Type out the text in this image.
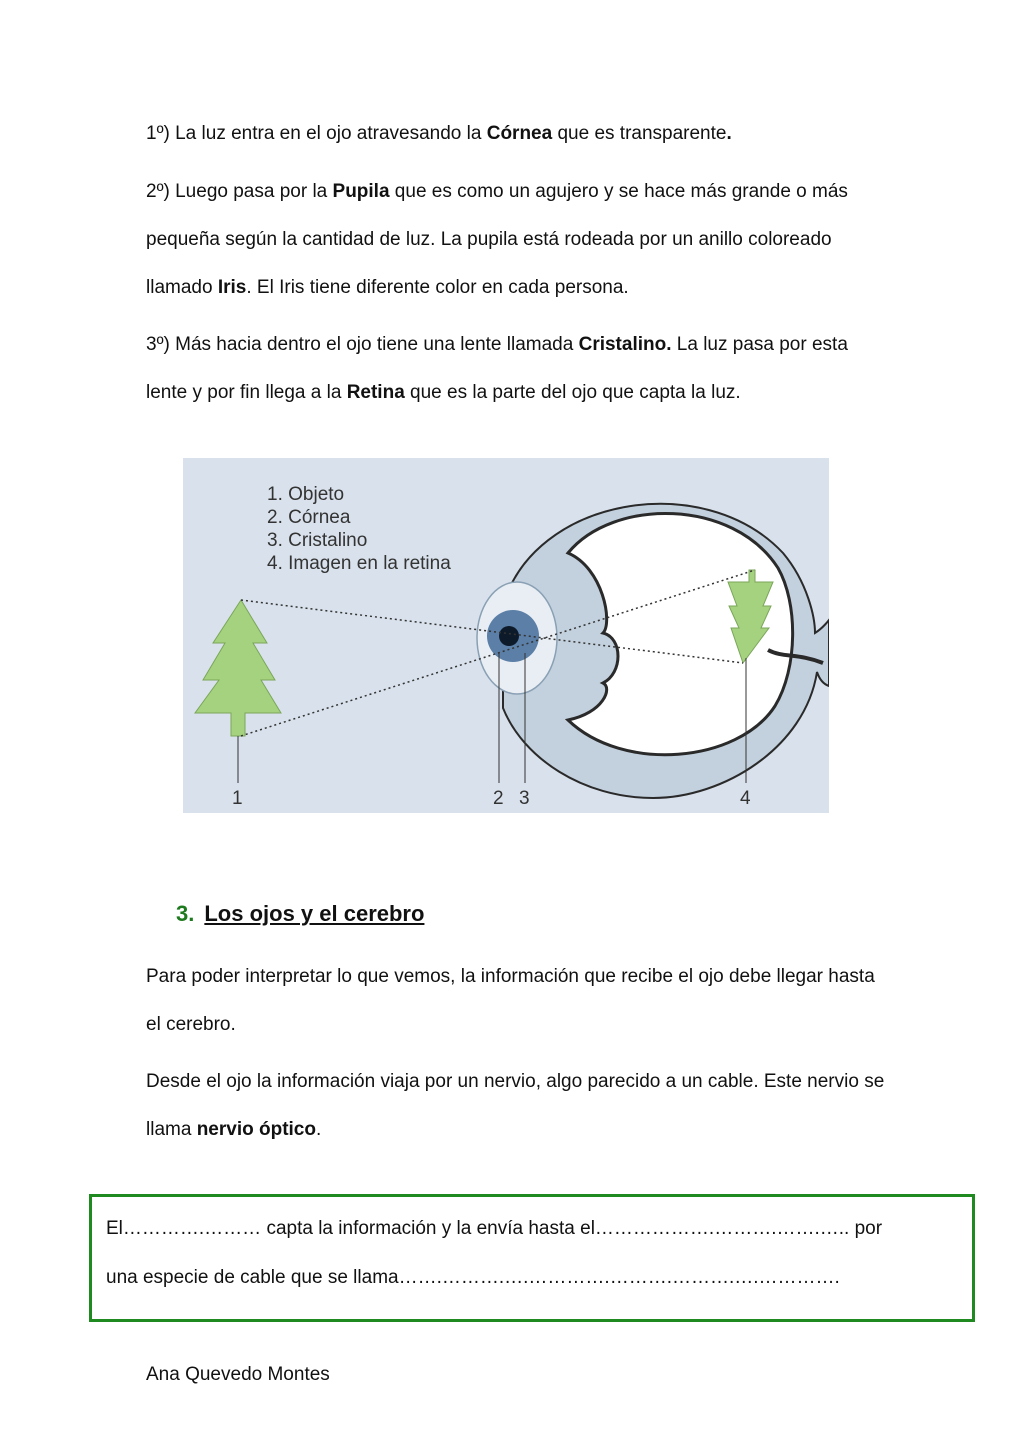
1º) La luz entra en el ojo atravesando la Córnea que es transparente.

2º) Luego pasa por la Pupila que es como un agujero y se hace más grande o más pequeña según la cantidad de luz. La pupila está rodeada por un anillo coloreado llamado Iris. El Iris tiene diferente color en cada persona.

3º) Más hacia dentro el ojo tiene una lente llamada Cristalino. La luz pasa por esta lente y por fin llega a la Retina que es la parte del ojo que capta la luz.

1. Objeto
2. Córnea
3. Cristalino
4. Imagen en la retina
1	2 3	4
3. Los ojos y el cerebro

Para poder interpretar lo que vemos, la información que recibe el ojo debe llegar hasta el cerebro.

Desde el ojo la información viaja por un nervio, algo parecido a un cable. Este nervio se llama nervio óptico.

El………….……… capta la información y la envía hasta el……………….……….…….….. por

una especie de cable que se llama…….……….….………….……….……….….………….

Ana Quevedo Montes
